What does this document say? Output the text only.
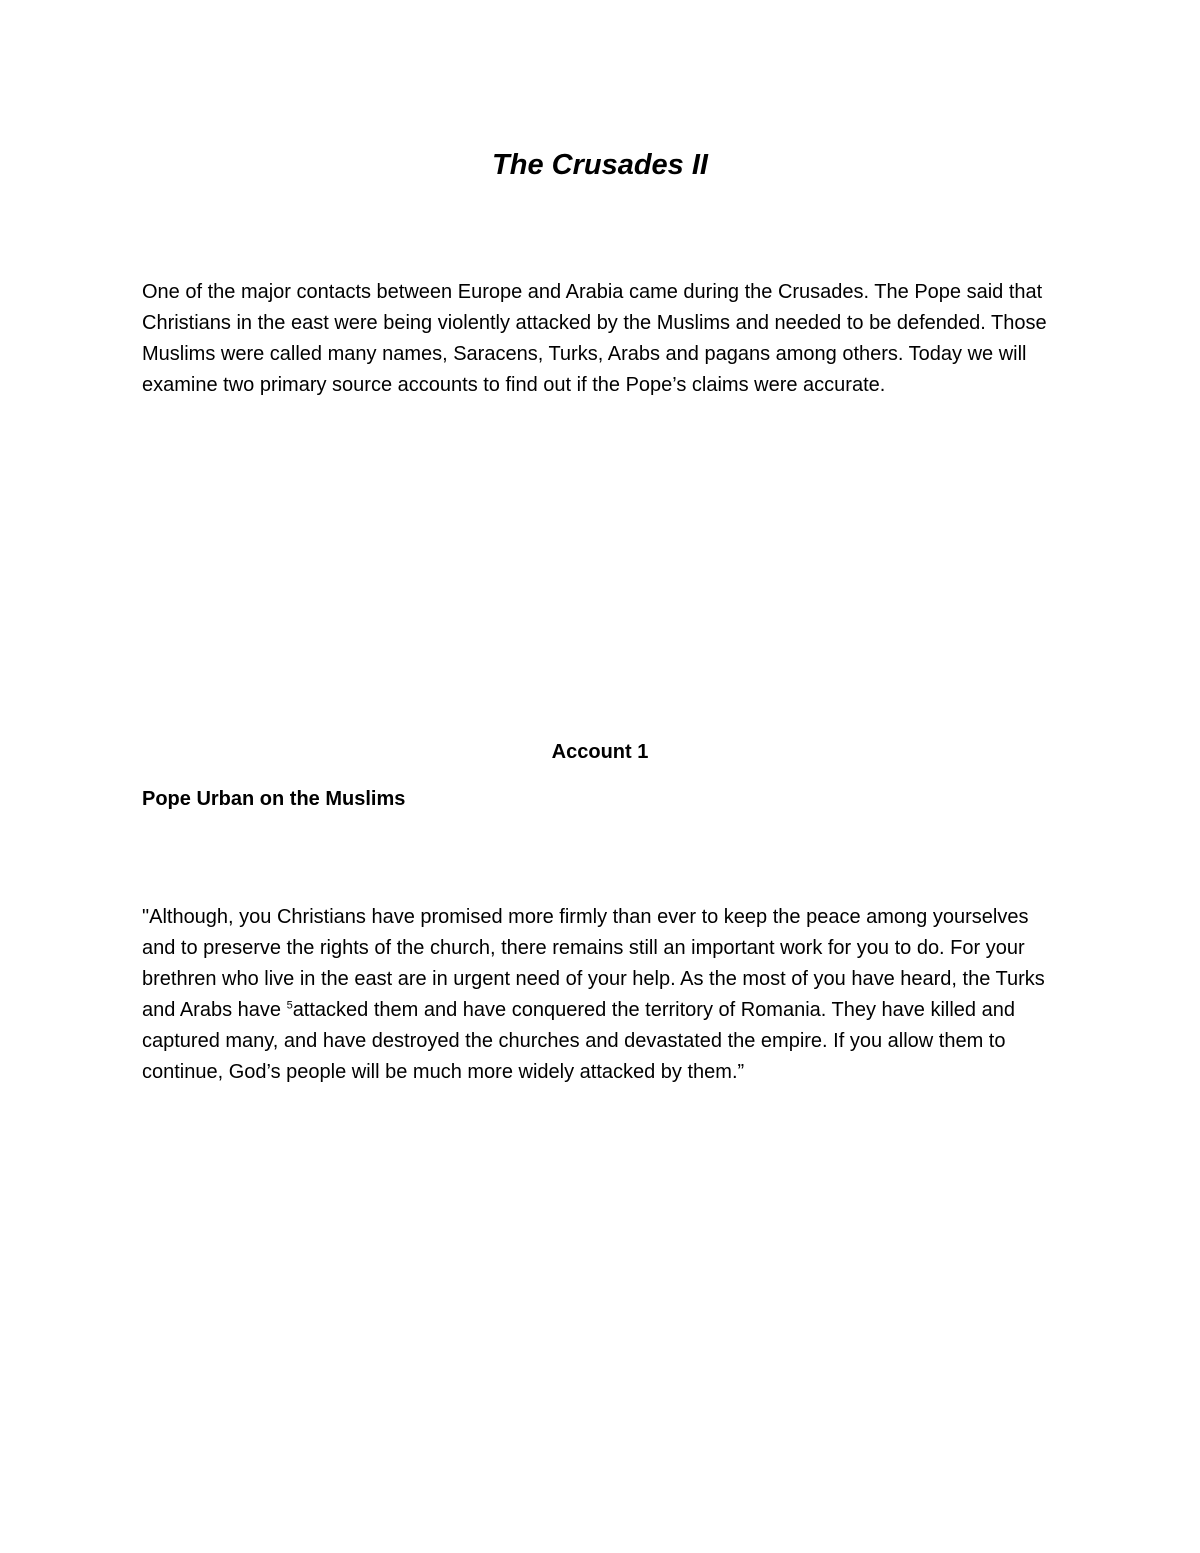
The Crusades II

One of the major contacts between Europe and Arabia came during the Crusades. The Pope said that Christians in the east were being violently attacked by the Muslims and needed to be defended. Those Muslims were called many names, Saracens, Turks, Arabs and pagans among others. Today we will examine two primary source accounts to find out if the Pope’s claims were accurate.

Account 1
Pope Urban on the Muslims

"Although, you Christians have promised more firmly than ever to keep the peace among yourselves and to preserve the rights of the church, there remains still an important work for you to do. For your brethren who live in the east are in urgent need of your help. As the most of you have heard, the Turks and Arabs have $^5$attacked them and have conquered the territory of Romania. They have killed and captured many, and have destroyed the churches and devastated the empire. If you allow them to continue, God’s people will be much more widely attacked by them.”
